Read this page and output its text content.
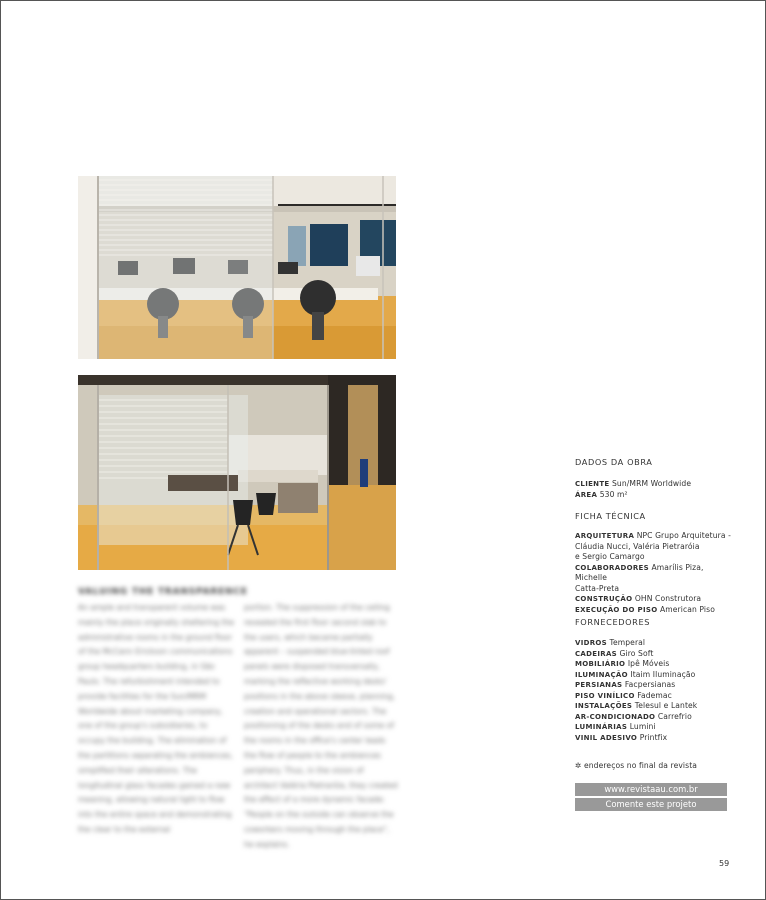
VALUING THE TRANSPARENCE
An ample and transparent volume was mainly the place originally sheltering the administrative rooms in the ground floor of the McCann Erickson communications group headquarters building, in São Paulo. The refurbishment intended to provide facilities for the Sun/MRM Worldwide about marketing company, one of the group's subsidiaries, to occupy the building. The elimination of the partitions separating the ambiences, simplified their alterations. The longitudinal glass facades gained a new meaning, allowing natural light to flow into the entire space and demonstrating the clear to the external
portion. The suppression of the ceiling revealed the first floor second slab to the users, which became partially apparent – suspended blue-tinted roof panels were disposed transversally, marking the reflective working desks' positions in the above sleeve, planning, creation and operational sectors. The positioning of the desks and of some of the rooms in the office's center leads the flow of people to the ambiences periphery. Thus, in the vision of architect Valéria Pietraróia, they created the effect of a more dynamic facade: "People on the outside can observe the coworkers moving through the place", he explains.
DADOS DA OBRA
CLIENTE Sun/MRM Worldwide
ÁREA 530 m²
FICHA TÉCNICA
ARQUITETURA NPC Grupo Arquitetura -
Cláudia Nucci, Valéria Pietraróia
e Sergio Camargo
COLABORADORES Amarílis Piza, Michelle
Catta-Preta
CONSTRUÇÃO OHN Construtora
EXECUÇÃO DO PISO American Piso
FORNECEDORES
VIDROS Temperal
CADEIRAS Giro Soft
MOBILIÁRIO Ipê Móveis
ILUMINAÇÃO Itaim Iluminação
PERSIANAS Facpersianas
PISO VINÍLICO Fademac
INSTALAÇÕES Telesul e Lantek
AR-CONDICIONADO Carrefrio
LUMINÁRIAS Lumini
VINIL ADESIVO Printfix
✲ endereços no final da revista
www.revistaau.com.br
Comente este projeto
59
